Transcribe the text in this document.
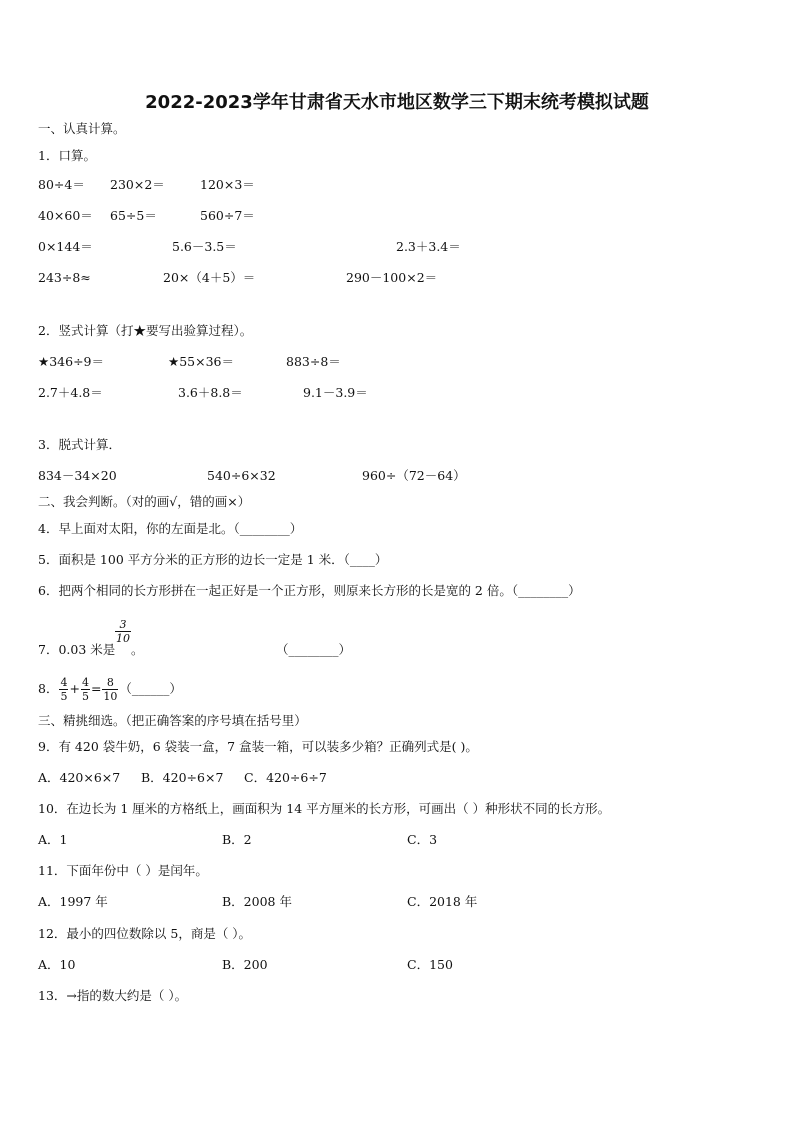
2022-2023学年甘肃省天水市地区数学三下期末统考模拟试题
一、认真计算。
1．口算。
80÷4＝ 230×2＝	120×3＝
40×60＝ 65÷5＝	560÷7＝
0×144＝	5.6－3.5＝	2.3＋3.4＝
243÷8≈	20×（4＋5）＝	290－100×2＝
2．竖式计算（打★要写出验算过程）。
★346÷9＝	★55×36＝	883÷8＝
2.7＋4.8＝	3.6＋8.8＝	9.1－3.9＝
3．脱式计算．
834－34×20	540÷6×32	960÷（72－64）
二、我会判断。（对的画√，错的画×）
4．早上面对太阳，你的左面是北。（________）
5．面积是 100 平方分米的正方形的边长一定是 1 米．（____）
6．把两个相同的长方形拼在一起正好是一个正方形，则原来长方形的长是宽的 2 倍。（________）
7．0.03 米是
$\frac{3}{10}$
。	（________）
8． $\frac{4}{5} + \frac{4}{5} = \frac{8}{10}$ （______）
三、精挑细选。（把正确答案的序号填在括号里）
9．有 420 袋牛奶，6 袋装一盒，7 盒装一箱，可以装多少箱？正确列式是( )。
A．420×6×7 B．420÷6×7 C．420÷6÷7
10．在边长为 1 厘米的方格纸上，画面积为 14 平方厘米的长方形，可画出（ ）种形状不同的长方形。
A．1	B．2	C．3
11．下面年份中（ ）是闰年。
A．1997 年	B．2008 年	C．2018 年
12．最小的四位数除以 5，商是（ ）。
A．10	B．200	C．150
13．→指的数大约是（ ）。
